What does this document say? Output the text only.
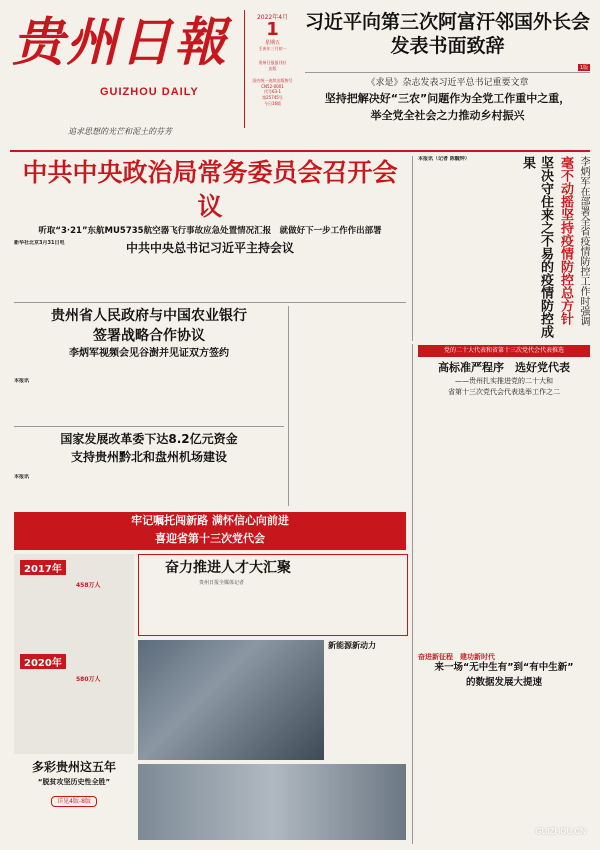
贵州日報
GUIZHOU DAILY
追求思想的光芒和泥土的芬芳
2022年4月
1
星期五
壬寅年三月初一
贵州日报报刊社
出版
国内统一连续出版物号
CN52-0001
代号63-1
第25745号
今日16版
习近平向第三次阿富汗邻国外长会发表书面致辞
1版
《求是》杂志发表习近平总书记重要文章
坚持把解决好“三农”问题作为全党工作重中之重，
举全党全社会之力推动乡村振兴
中共中央政治局常务委员会召开会议
听取“3·21”东航MU5735航空器飞行事故应急处置情况汇报　就做好下一步工作作出部署
中共中央总书记习近平主持会议
新华社北京3月31日电
本报讯（记者 陈毓钟）	李炳军在部署全省疫情防控工作时强调
毫不动摇坚持疫情防控总方针
坚决守住来之不易的疫情防控成果
贵州省人民政府与中国农业银行
签署战略合作协议
李炳军视频会见谷澍并见证双方签约
本报讯
国家发展改革委下达8.2亿元资金
支持贵州黔北和盘州机场建设
本报讯
牢记嘱托闯新路 满怀信心向前进
喜迎省第十三次党代会
2017年
458万人
2020年
580万人
奋力推进人才大汇聚
贵州日报全媒体记者
新能源新动力
多彩贵州这五年
“脱贫攻坚历史性全胜”
详见4版-8版
党的二十大代表和省第十三次党代会代表推选
高标准严程序　选好党代表
——贵州扎实推进党的二十大和
省第十三次党代会代表选举工作之二
奋进新征程　建功新时代
来一场“无中生有”到“有中生新”
的数据发展大提速
GUIZHOU.CN
